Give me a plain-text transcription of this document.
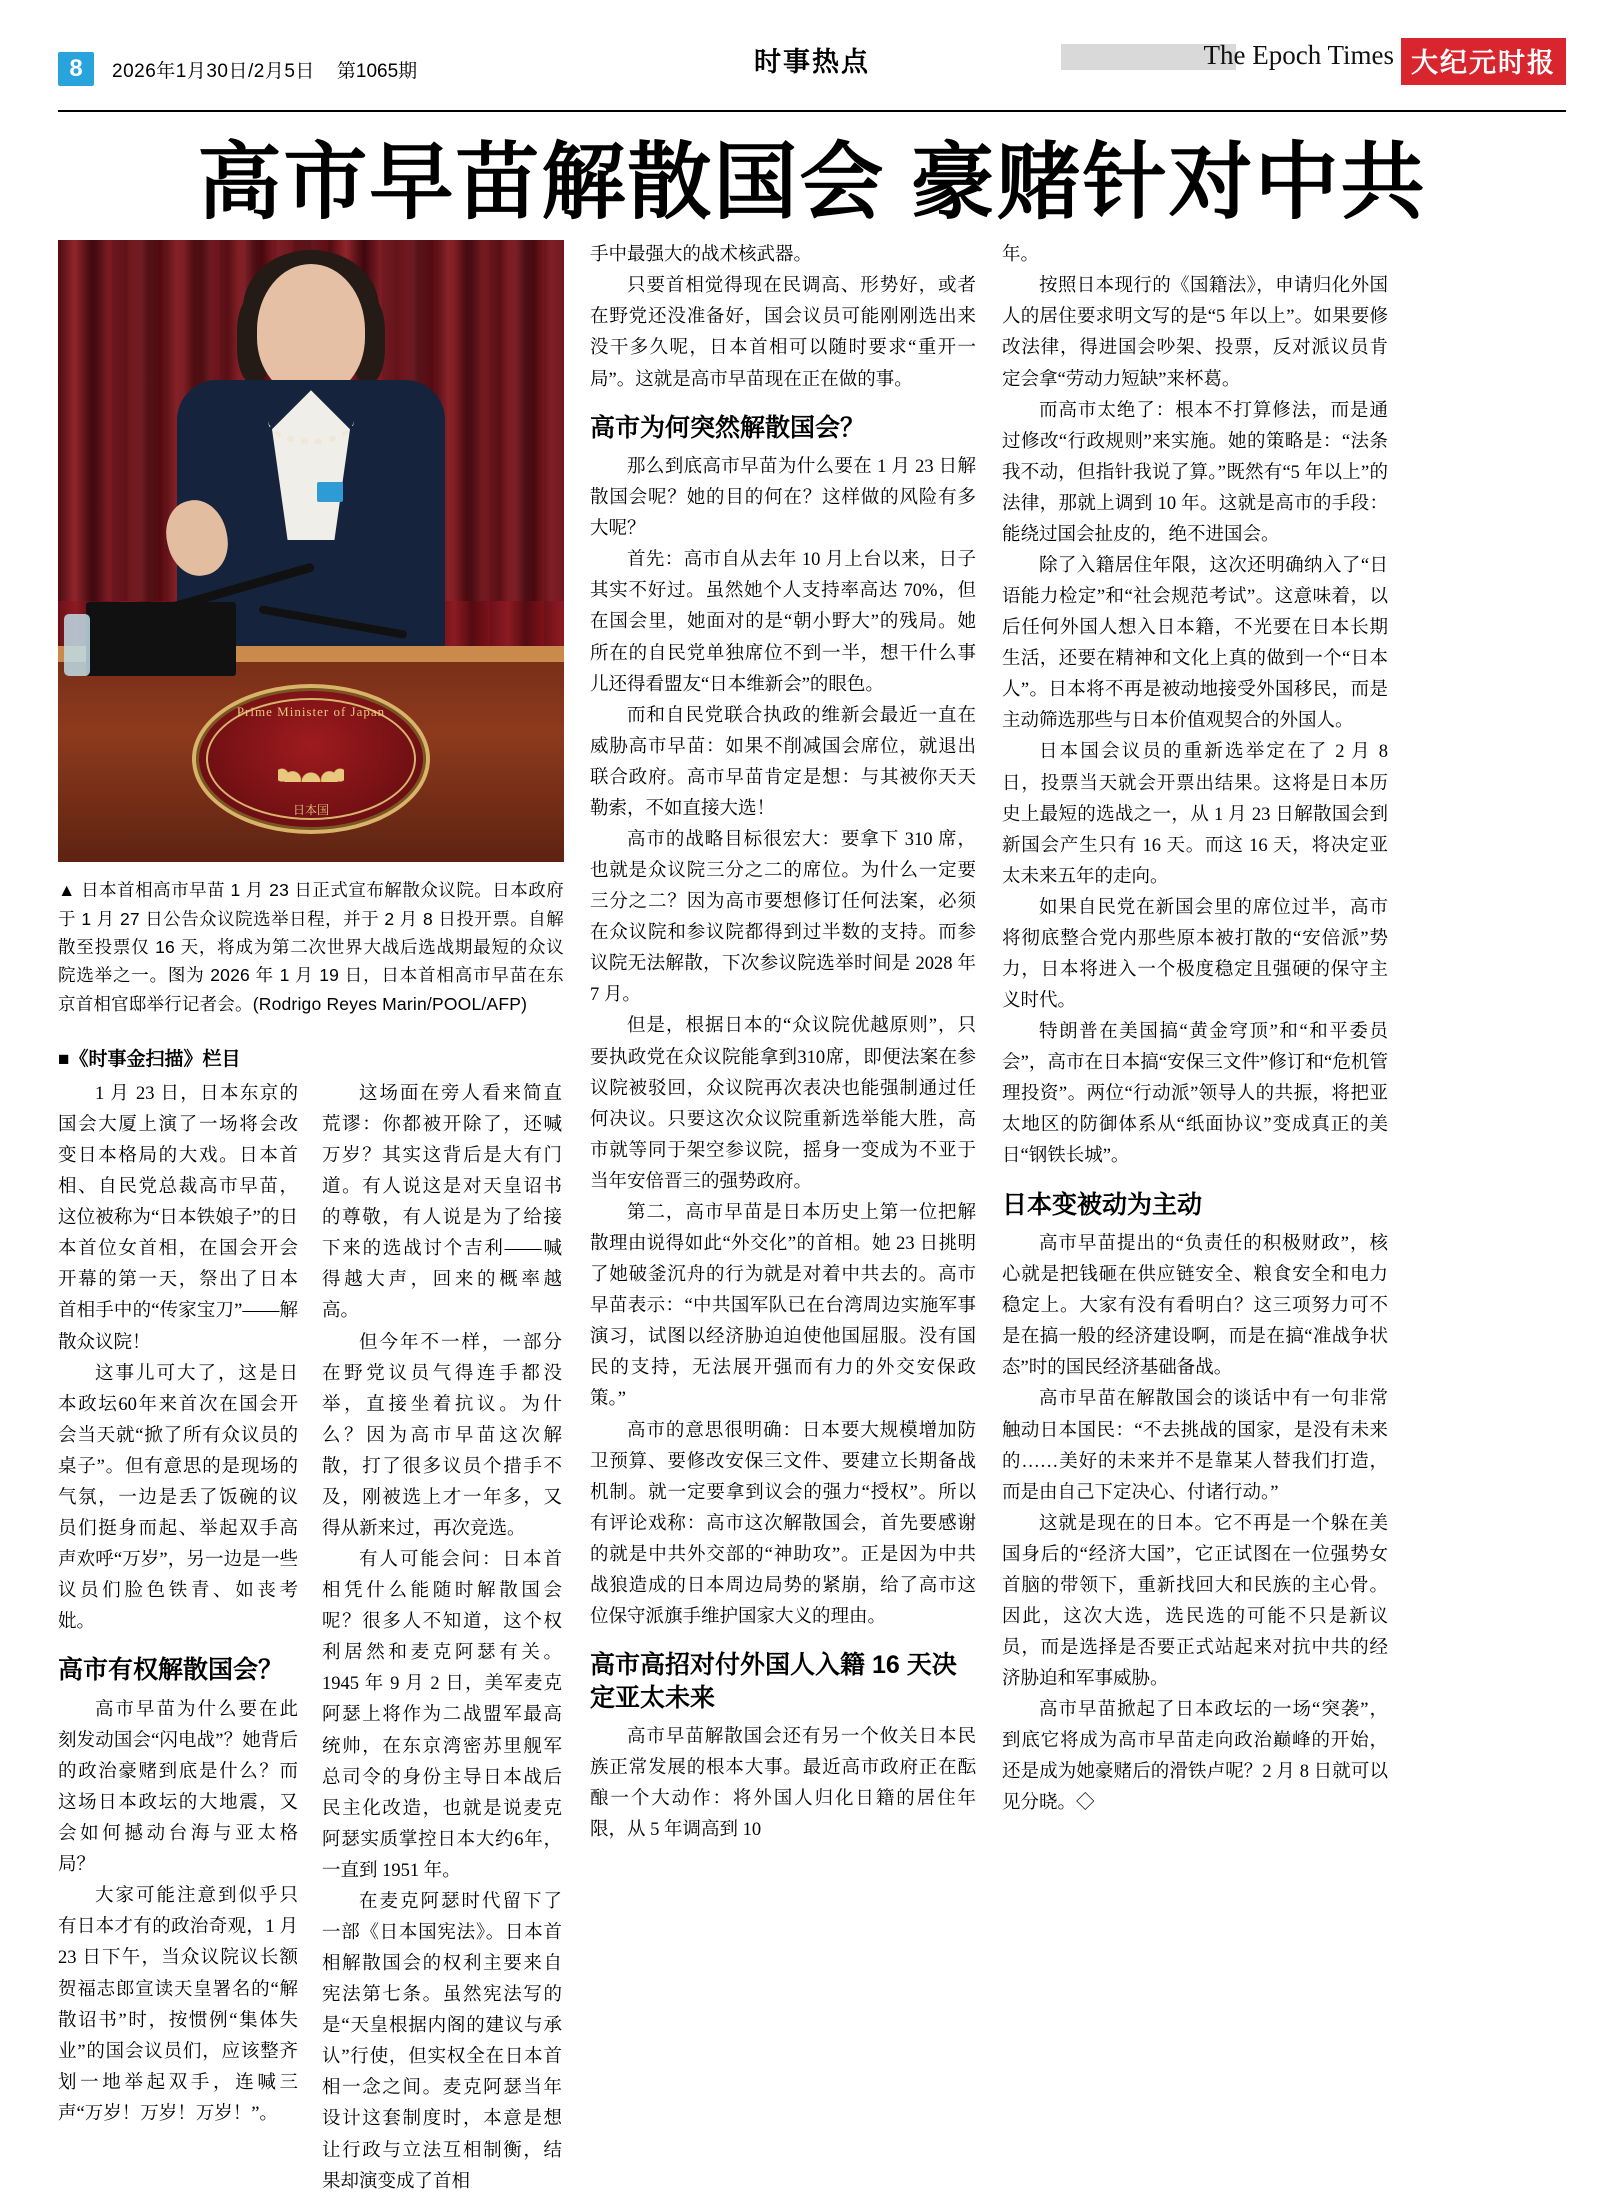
8	2026年1月30日/2月5日 第1065期	时事热点	The Epoch Times 大纪元时报
高市早苗解散国会 豪赌针对中共
Prime Minister of Japan
日本国
▲ 日本首相高市早苗 1 月 23 日正式宣布解散众议院。日本政府于 1 月 27 日公告众议院选举日程，并于 2 月 8 日投开票。自解散至投票仅 16 天，将成为第二次世界大战后选战期最短的众议院选举之一。图为 2026 年 1 月 19 日，日本首相高市早苗在东京首相官邸举行记者会。(Rodrigo Reyes Marin/POOL/AFP)
■《时事金扫描》栏目

1 月 23 日，日本东京的国会大厦上演了一场将会改变日本格局的大戏。日本首相、自民党总裁高市早苗，这位被称为“日本铁娘子”的日本首位女首相，在国会开会开幕的第一天，祭出了日本首相手中的“传家宝刀”——解散众议院！

这事儿可大了，这是日本政坛60年来首次在国会开会当天就“掀了所有众议员的桌子”。但有意思的是现场的气氛，一边是丢了饭碗的议员们挺身而起、举起双手高声欢呼“万岁”，另一边是一些议员们脸色铁青、如丧考妣。

高市有权解散国会？

高市早苗为什么要在此刻发动国会“闪电战”？她背后的政治豪赌到底是什么？而这场日本政坛的大地震，又会如何撼动台海与亚太格局？

大家可能注意到似乎只有日本才有的政治奇观，1 月 23 日下午，当众议院议长额贺福志郎宣读天皇署名的“解散诏书”时，按惯例“集体失业”的国会议员们，应该整齐划一地举起双手，连喊三声“万岁！万岁！万岁！”。

这场面在旁人看来简直荒谬：你都被开除了，还喊万岁？其实这背后是大有门道。有人说这是对天皇诏书的尊敬，有人说是为了给接下来的选战讨个吉利——喊得越大声，回来的概率越高。

但今年不一样，一部分在野党议员气得连手都没举，直接坐着抗议。为什么？因为高市早苗这次解散，打了很多议员个措手不及，刚被选上才一年多，又得从新来过，再次竞选。

有人可能会问：日本首相凭什么能随时解散国会呢？很多人不知道，这个权利居然和麦克阿瑟有关。1945 年 9 月 2 日，美军麦克阿瑟上将作为二战盟军最高统帅，在东京湾密苏里舰军总司令的身份主导日本战后民主化改造，也就是说麦克阿瑟实质掌控日本大约6年，一直到 1951 年。

在麦克阿瑟时代留下了一部《日本国宪法》。日本首相解散国会的权利主要来自宪法第七条。虽然宪法写的是“天皇根据内阁的建议与承认”行使，但实权全在日本首相一念之间。麦克阿瑟当年设计这套制度时，本意是想让行政与立法互相制衡，结果却演变成了首相

手中最强大的战术核武器。

只要首相觉得现在民调高、形势好，或者在野党还没准备好，国会议员可能刚刚选出来没干多久呢，日本首相可以随时要求“重开一局”。这就是高市早苗现在正在做的事。

高市为何突然解散国会？

那么到底高市早苗为什么要在 1 月 23 日解散国会呢？她的目的何在？这样做的风险有多大呢？

首先：高市自从去年 10 月上台以来，日子其实不好过。虽然她个人支持率高达 70%，但在国会里，她面对的是“朝小野大”的残局。她所在的自民党单独席位不到一半，想干什么事儿还得看盟友“日本维新会”的眼色。

而和自民党联合执政的维新会最近一直在威胁高市早苗：如果不削减国会席位，就退出联合政府。高市早苗肯定是想：与其被你天天勒索，不如直接大选！

高市的战略目标很宏大：要拿下 310 席，也就是众议院三分之二的席位。为什么一定要三分之二？因为高市要想修订任何法案，必须在众议院和参议院都得到过半数的支持。而参议院无法解散，下次参议院选举时间是 2028 年 7 月。

但是，根据日本的“众议院优越原则”，只要执政党在众议院能拿到310席，即便法案在参议院被驳回，众议院再次表决也能强制通过任何决议。只要这次众议院重新选举能大胜，高市就等同于架空参议院，摇身一变成为不亚于当年安倍晋三的强势政府。

第二，高市早苗是日本历史上第一位把解散理由说得如此“外交化”的首相。她 23 日挑明了她破釜沉舟的行为就是对着中共去的。高市早苗表示：“中共国军队已在台湾周边实施军事演习，试图以经济胁迫迫使他国屈服。没有国民的支持，无法展开强而有力的外交安保政策。”

高市的意思很明确：日本要大规模增加防卫预算、要修改安保三文件、要建立长期备战机制。就一定要拿到议会的强力“授权”。所以有评论戏称：高市这次解散国会，首先要感谢的就是中共外交部的“神助攻”。正是因为中共战狼造成的日本周边局势的紧崩，给了高市这位保守派旗手维护国家大义的理由。

高市高招对付外国人入籍 16 天决定亚太未来

高市早苗解散国会还有另一个攸关日本民族正常发展的根本大事。最近高市政府正在酝酿一个大动作：将外国人归化日籍的居住年限，从 5 年调高到 10

年。

按照日本现行的《国籍法》，申请归化外国人的居住要求明文写的是“5 年以上”。如果要修改法律，得进国会吵架、投票，反对派议员肯定会拿“劳动力短缺”来杯葛。

而高市太绝了：根本不打算修法，而是通过修改“行政规则”来实施。她的策略是：“法条我不动，但指针我说了算。”既然有“5 年以上”的法律，那就上调到 10 年。这就是高市的手段：能绕过国会扯皮的，绝不进国会。

除了入籍居住年限，这次还明确纳入了“日语能力检定”和“社会规范考试”。这意味着，以后任何外国人想入日本籍，不光要在日本长期生活，还要在精神和文化上真的做到一个“日本人”。日本将不再是被动地接受外国移民，而是主动筛选那些与日本价值观契合的外国人。

日本国会议员的重新选举定在了 2 月 8 日，投票当天就会开票出结果。这将是日本历史上最短的选战之一，从 1 月 23 日解散国会到新国会产生只有 16 天。而这 16 天，将决定亚太未来五年的走向。

如果自民党在新国会里的席位过半，高市将彻底整合党内那些原本被打散的“安倍派”势力，日本将进入一个极度稳定且强硬的保守主义时代。

特朗普在美国搞“黄金穹顶”和“和平委员会”，高市在日本搞“安保三文件”修订和“危机管理投资”。两位“行动派”领导人的共振，将把亚太地区的防御体系从“纸面协议”变成真正的美日“钢铁长城”。

日本变被动为主动

高市早苗提出的“负责任的积极财政”，核心就是把钱砸在供应链安全、粮食安全和电力稳定上。大家有没有看明白？这三项努力可不是在搞一般的经济建设啊，而是在搞“准战争状态”时的国民经济基础备战。

高市早苗在解散国会的谈话中有一句非常触动日本国民：“不去挑战的国家，是没有未来的……美好的未来并不是靠某人替我们打造，而是由自己下定决心、付诸行动。”

这就是现在的日本。它不再是一个躲在美国身后的“经济大国”，它正试图在一位强势女首脑的带领下，重新找回大和民族的主心骨。因此，这次大选，选民选的可能不只是新议员，而是选择是否要正式站起来对抗中共的经济胁迫和军事威胁。

高市早苗掀起了日本政坛的一场“突袭”，到底它将成为高市早苗走向政治巅峰的开始，还是成为她豪赌后的滑铁卢呢？2 月 8 日就可以见分晓。◇
